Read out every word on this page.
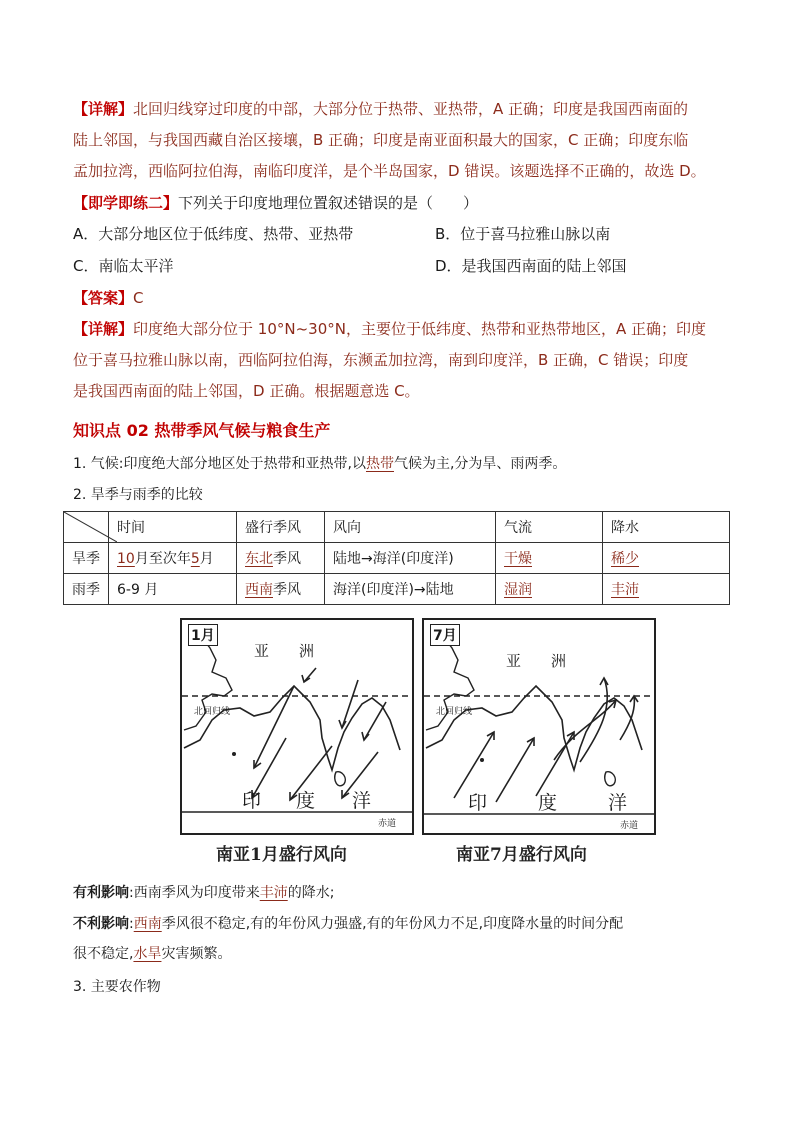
【详解】北回归线穿过印度的中部，大部分位于热带、亚热带，A 正确；印度是我国西南面的
陆上邻国，与我国西藏自治区接壤，B 正确；印度是南亚面积最大的国家，C 正确；印度东临
孟加拉湾，西临阿拉伯海，南临印度洋，是个半岛国家，D 错误。该题选择不正确的，故选 D。
【即学即练二】下列关于印度地理位置叙述错误的是（　　）
A．大部分地区位于低纬度、热带、亚热带	B．位于喜马拉雅山脉以南
C．南临太平洋	D．是我国西南面的陆上邻国
【答案】C
【详解】印度绝大部分位于 10°N~30°N，主要位于低纬度、热带和亚热带地区，A 正确；印度
位于喜马拉雅山脉以南，西临阿拉伯海，东濒孟加拉湾，南到印度洋，B 正确，C 错误；印度
是我国西南面的陆上邻国，D 正确。根据题意选 C。
知识点 02 热带季风气候与粮食生产
1. 气候:印度绝大部分地区处于热带和亚热带,以热带气候为主,分为旱、雨两季。
2. 旱季与雨季的比较
	时间	盛行季风	风向	气流	降水
旱季	10月至次年5月	东北季风	陆地→海洋(印度洋)	干燥	稀少
雨季	6-9 月	西南季风	海洋(印度洋)→陆地	湿润	丰沛
1月
亚　　洲
北回归线
印 度 洋
赤道
南亚1月盛行风向
7月
亚　　洲
北回归线
印	度	洋
赤道
南亚7月盛行风向
有利影响:西南季风为印度带来丰沛的降水;
不利影响:西南季风很不稳定,有的年份风力强盛,有的年份风力不足,印度降水量的时间分配
很不稳定,水旱灾害频繁。
3. 主要农作物
